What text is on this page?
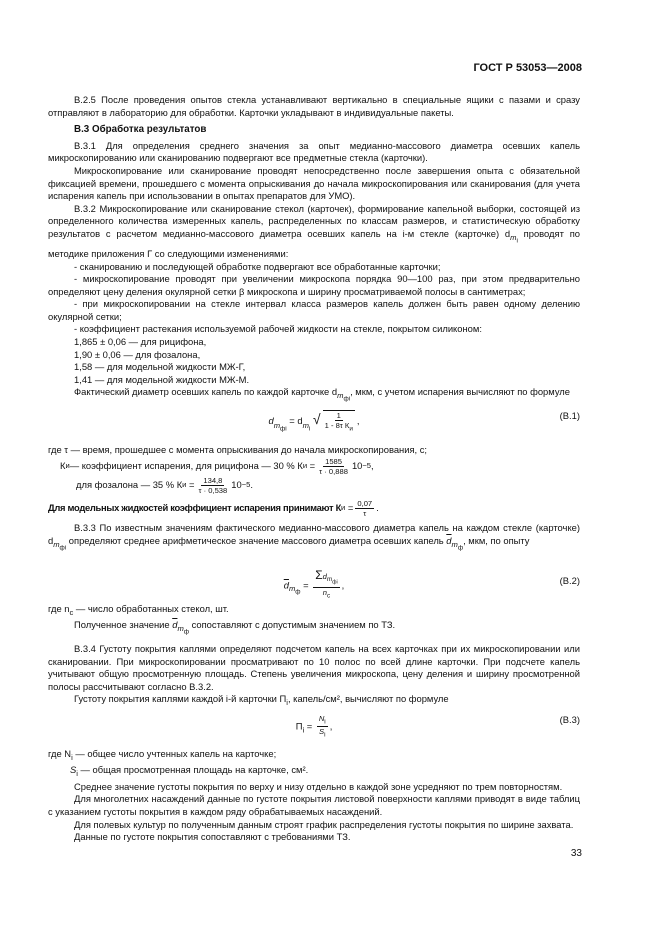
ГОСТ Р 53053—2008

В.2.5 После проведения опытов стекла устанавливают вертикально в специальные ящики с пазами и сразу отправляют в лабораторию для обработки. Карточки укладывают в индивидуальные пакеты.

В.3 Обработка результатов

В.3.1 Для определения среднего значения за опыт медианно-массового диаметра осевших капель микроскопированию или сканированию подвергают все предметные стекла (карточки).

Микроскопирование или сканирование проводят непосредственно после завершения опыта с обязательной фиксацией времени, прошедшего с момента опрыскивания до начала микроскопирования или сканирования (для учета испарения капель при использовании в опытах препаратов для УМО).

В.3.2 Микроскопирование или сканирование стекол (карточек), формирование капельной выборки, состоящей из определенного количества измеренных капель, распределенных по классам размеров, и статистическую обработку результатов с расчетом медианно-массового диаметра осевших капель на i-м стекле (карточке) $d_{m_i}$ проводят по методике приложения Г со следующими изменениями:

- сканированию и последующей обработке подвергают все обработанные карточки;

- микроскопирование проводят при увеличении микроскопа порядка 90—100 раз, при этом предварительно определяют цену деления окулярной сетки β микроскопа и ширину просматриваемой полосы в сантиметрах;

- при микроскопировании на стекле интервал класса размеров капель должен быть равен одному делению окулярной сетки;

- коэффициент растекания используемой рабочей жидкости на стекле, покрытом силиконом:

1,865 ± 0,06 — для рицифона,

1,90 ± 0,06 — для фозалона,

1,58 — для модельной жидкости МЖ-Г,

1,41 — для модельной жидкости МЖ-М.

Фактический диаметр осевших капель по каждой карточке $d_{m_{фi}}$, мкм, с учетом испарения вычисляют по формуле

$d_{m_{фi}} = d_{m_i}$ √ $\frac{1}{1 - 8\tau К_и}$ ,	(В.1)

где τ — время, прошедшее с момента опрыскивания до начала микроскопирования, с;

К и — коэффициент испарения, для рицифона — 30 % К $и = \frac{1585}{\tau \cdot 0,888} 10 -5$ ,
для фозалона — 35 % К $и = \frac{134,8}{\tau \cdot 0,538} 10 -5$ .
Для модельных жидкостей коэффициент испарения принимают К $и = \frac{0,07}{\tau}$ .

В.3.3 По известным значениям фактического медианно-массового диаметра капель на каждом стекле (карточке) $d_{m_{фi}}$ определяют среднее арифметическое значение массового диаметра осевших капель $\overline{d}_{m_ф}$, мкм, по опыту

$\overline{d}_{m_ф} = \frac{\Sigma d_{m_{фi}}}{n_c}$ ,	(В.2)

где $n_c$ — число обработанных стекол, шт.

Полученное значение $\overline{d}_{m_ф}$ сопоставляют с допустимым значением по ТЗ.

В.3.4 Густоту покрытия каплями определяют подсчетом капель на всех карточках при их микроскопировании или сканировании. При микроскопировании просматривают по 10 полос по всей длине карточки. При подсчете капель учитывают общую просмотренную площадь. Степень увеличения микроскопа, цену деления и ширину просмотренной полосы рассчитывают согласно В.3.2.

Густоту покрытия каплями каждой i-й карточки $П_i$, капель/см², вычисляют по формуле

$П_i = \frac{N_i}{S_i}$ ,
(В.3)

где $N_i$ — общее число учтенных капель на карточке;

$S_i$ — общая просмотренная площадь на карточке, см².

Среднее значение густоты покрытия по верху и низу отдельно в каждой зоне усредняют по трем повторностям.

Для многолетних насаждений данные по густоте покрытия листовой поверхности каплями приводят в виде таблиц с указанием густоты покрытия в каждом ряду обрабатываемых насаждений.

Для полевых культур по полученным данным строят график распределения густоты покрытия по ширине захвата.

Данные по густоте покрытия сопоставляют с требованиями ТЗ.

33
